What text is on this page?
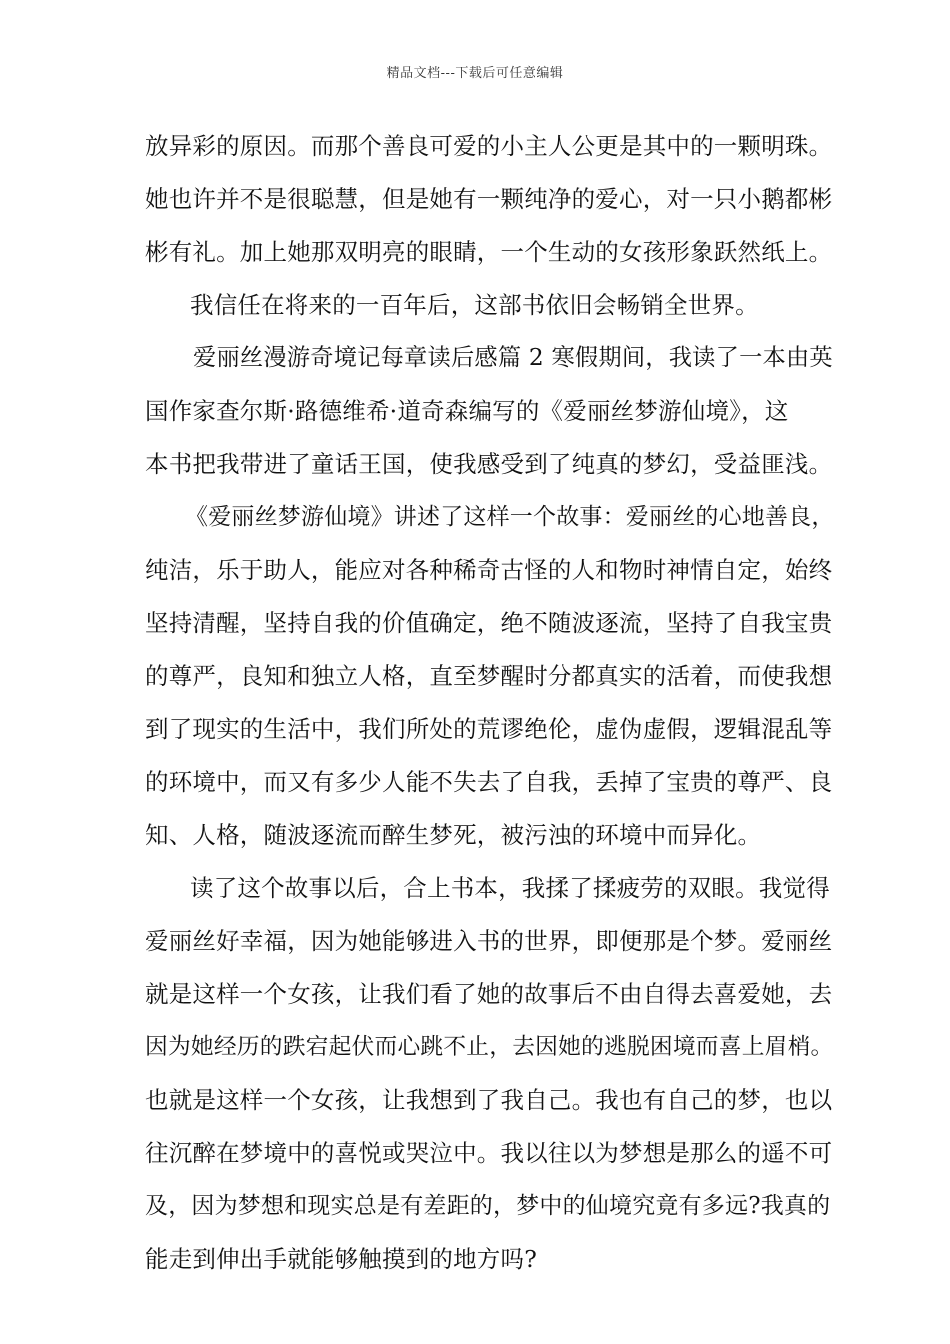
精品文档---下载后可任意编辑
放异彩的原因。而那个善良可爱的小主人公更是其中的一颗明珠。
她也许并不是很聪慧，但是她有一颗纯净的爱心，对一只小鹅都彬
彬有礼。加上她那双明亮的眼睛，一个生动的女孩形象跃然纸上。
我信任在将来的一百年后，这部书依旧会畅销全世界。
爱丽丝漫游奇境记每章读后感篇 2 寒假期间，我读了一本由英
国作家查尔斯·路德维希·道奇森编写的《爱丽丝梦游仙境》，这
本书把我带进了童话王国，使我感受到了纯真的梦幻，受益匪浅。
《爱丽丝梦游仙境》讲述了这样一个故事：爱丽丝的心地善良，
纯洁，乐于助人，能应对各种稀奇古怪的人和物时神情自定，始终
坚持清醒，坚持自我的价值确定，绝不随波逐流，坚持了自我宝贵
的尊严，良知和独立人格，直至梦醒时分都真实的活着，而使我想
到了现实的生活中，我们所处的荒谬绝伦，虚伪虚假，逻辑混乱等
的环境中，而又有多少人能不失去了自我，丢掉了宝贵的尊严、良
知、人格，随波逐流而醉生梦死，被污浊的环境中而异化。
读了这个故事以后，合上书本，我揉了揉疲劳的双眼。我觉得
爱丽丝好幸福，因为她能够进入书的世界，即便那是个梦。爱丽丝
就是这样一个女孩，让我们看了她的故事后不由自得去喜爱她，去
因为她经历的跌宕起伏而心跳不止，去因她的逃脱困境而喜上眉梢。
也就是这样一个女孩，让我想到了我自己。我也有自己的梦，也以
往沉醉在梦境中的喜悦或哭泣中。我以往以为梦想是那么的遥不可
及，因为梦想和现实总是有差距的，梦中的仙境究竟有多远?我真的
能走到伸出手就能够触摸到的地方吗?
